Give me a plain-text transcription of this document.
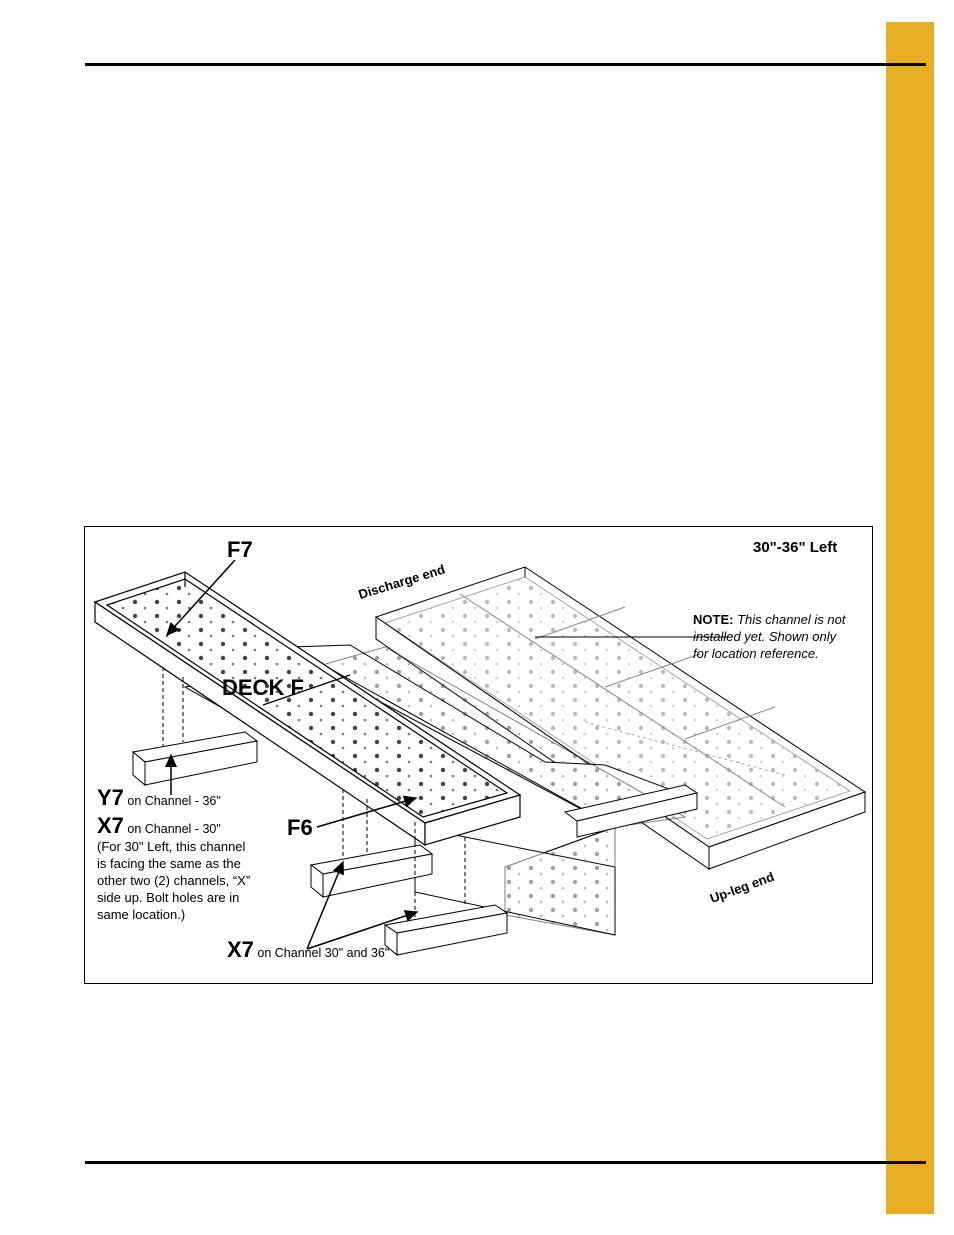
F7	30"-36" Left
Discharge end
Up-leg end
DECK F
F6
NOTE: This channel is not
installed yet. Shown only
for location reference.
Y7 on Channel - 36"
X7 on Channel - 30"
(For 30" Left, this channel
is facing the same as the
other two (2) channels, “X”
side up. Bolt holes are in
same location.)
X7 on Channel 30" and 36"
